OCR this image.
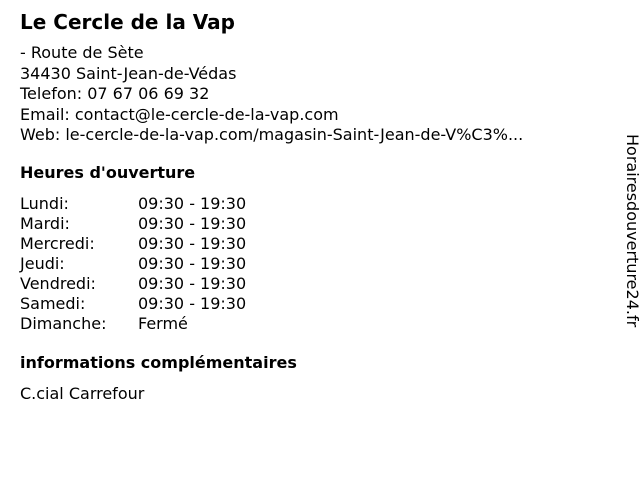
Le Cercle de la Vap
- Route de Sète
34430 Saint-Jean-de-Védas
Telefon: 07 67 06 69 32
Email: contact@le-cercle-de-la-vap.com
Web: le-cercle-de-la-vap.com/magasin-Saint-Jean-de-V%C3%...
Heures d'ouverture
Lundi:	09:30 - 19:30
Mardi:	09:30 - 19:30
Mercredi:	09:30 - 19:30
Jeudi:	09:30 - 19:30
Vendredi:	09:30 - 19:30
Samedi:	09:30 - 19:30
Dimanche:	Fermé
informations complémentaires
C.cial Carrefour
Horairesdouverture24.fr
